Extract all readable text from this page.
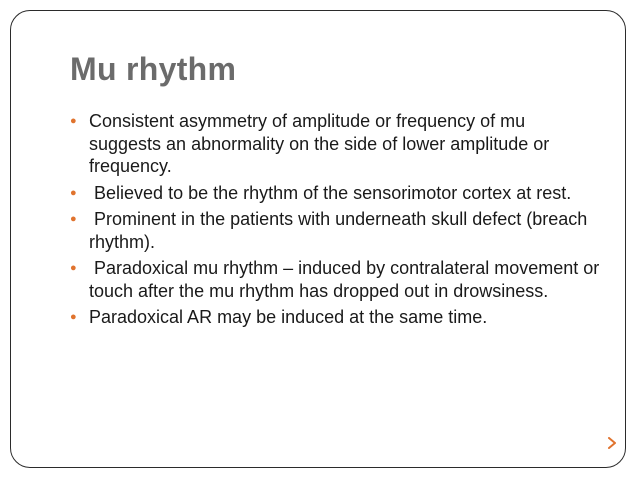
Mu rhythm
● Consistent asymmetry of amplitude or frequency of mu suggests an abnormality on the side of lower amplitude or frequency.
● Believed to be the rhythm of the sensorimotor cortex at rest.
● Prominent in the patients with underneath skull defect (breach rhythm).
● Paradoxical mu rhythm – induced by contralateral movement or touch after the mu rhythm has dropped out in drowsiness.
● Paradoxical AR may be induced at the same time.
